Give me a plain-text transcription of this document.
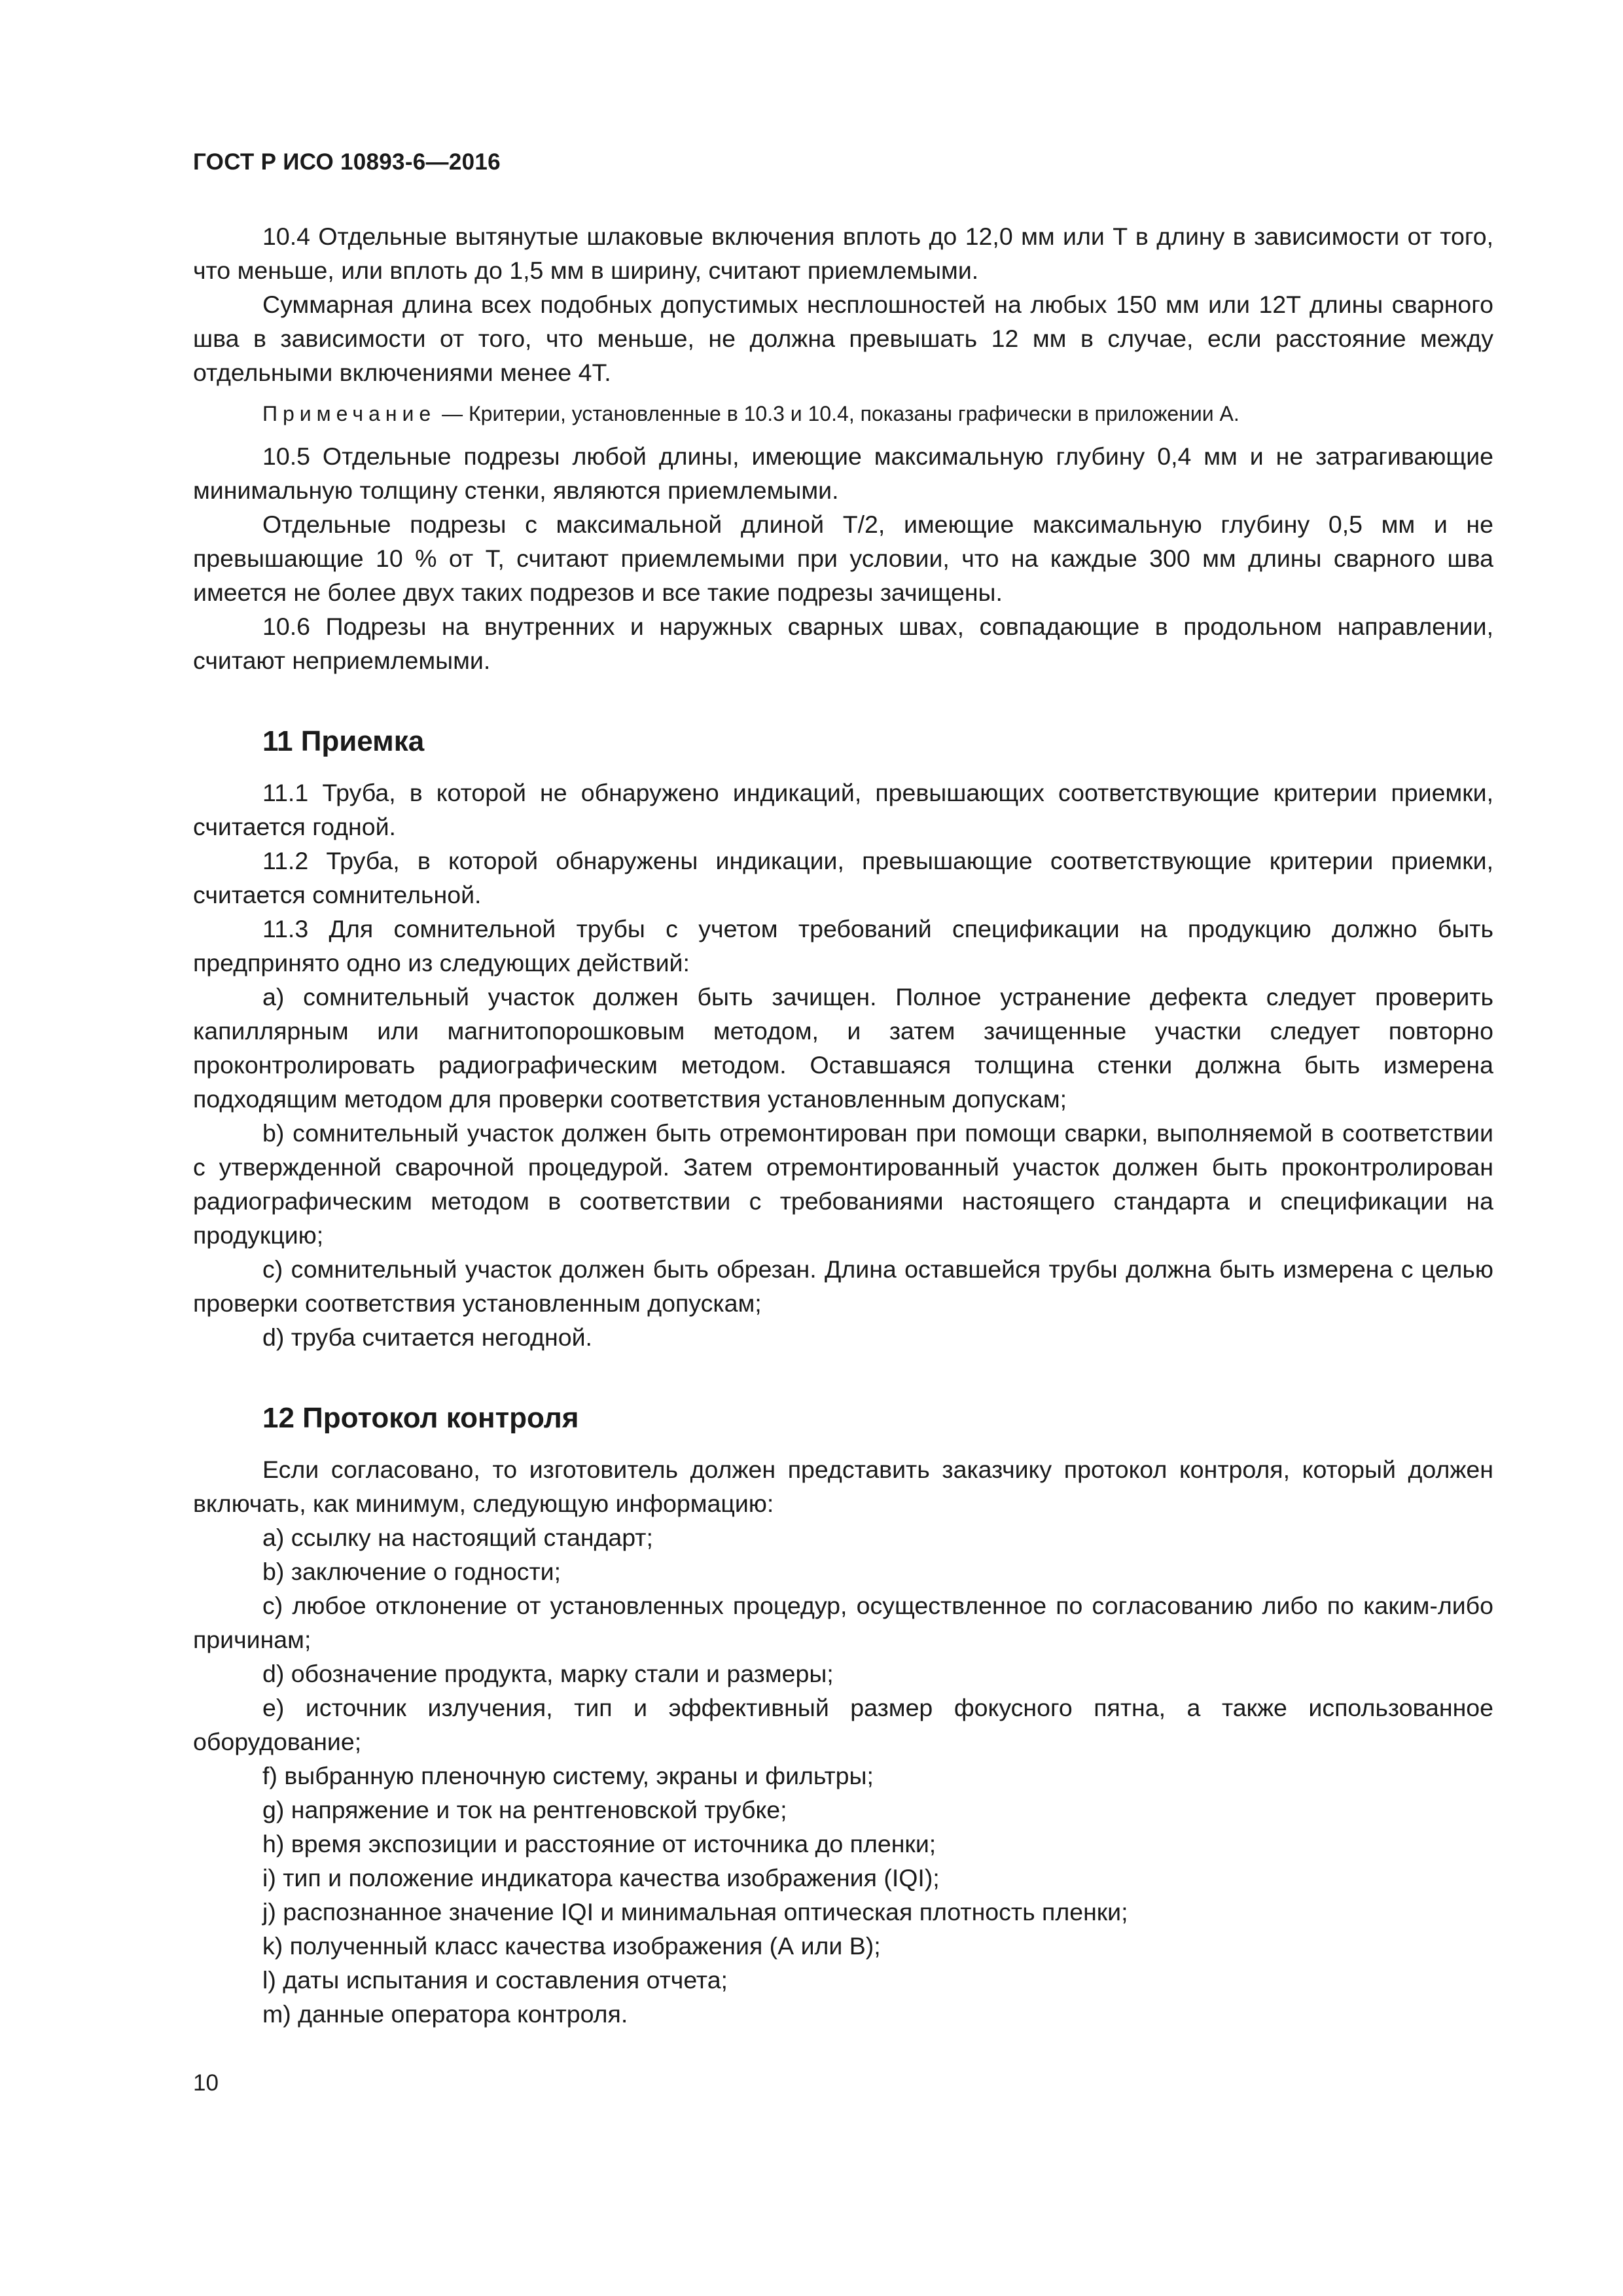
ГОСТ Р ИСО 10893-6—2016

10.4 Отдельные вытянутые шлаковые включения вплоть до 12,0 мм или T в длину в зависимости от того, что меньше, или вплоть до 1,5 мм в ширину, считают приемлемыми.

Суммарная длина всех подобных допустимых несплошностей на любых 150 мм или 12T длины сварного шва в зависимости от того, что меньше, не должна превышать 12 мм в случае, если расстояние между отдельными включениями менее 4T.

Примечание — Критерии, установленные в 10.3 и 10.4, показаны графически в приложении А.

10.5 Отдельные подрезы любой длины, имеющие максимальную глубину 0,4 мм и не затрагивающие минимальную толщину стенки, являются приемлемыми.

Отдельные подрезы с максимальной длиной T/2, имеющие максимальную глубину 0,5 мм и не превышающие 10 % от T, считают приемлемыми при условии, что на каждые 300 мм длины сварного шва имеется не более двух таких подрезов и все такие подрезы зачищены.

10.6 Подрезы на внутренних и наружных сварных швах, совпадающие в продольном направлении, считают неприемлемыми.

11 Приемка

11.1 Труба, в которой не обнаружено индикаций, превышающих соответствующие критерии приемки, считается годной.

11.2 Труба, в которой обнаружены индикации, превышающие соответствующие критерии приемки, считается сомнительной.

11.3 Для сомнительной трубы с учетом требований спецификации на продукцию должно быть предпринято одно из следующих действий:

а) сомнительный участок должен быть зачищен. Полное устранение дефекта следует проверить капиллярным или магнитопорошковым методом, и затем зачищенные участки следует повторно проконтролировать радиографическим методом. Оставшаяся толщина стенки должна быть измерена подходящим методом для проверки соответствия установленным допускам;

b) сомнительный участок должен быть отремонтирован при помощи сварки, выполняемой в соответствии с утвержденной сварочной процедурой. Затем отремонтированный участок должен быть проконтролирован радиографическим методом в соответствии с требованиями настоящего стандарта и спецификации на продукцию;

с) сомнительный участок должен быть обрезан. Длина оставшейся трубы должна быть измерена с целью проверки соответствия установленным допускам;

d) труба считается негодной.

12 Протокол контроля

Если согласовано, то изготовитель должен представить заказчику протокол контроля, который должен включать, как минимум, следующую информацию:

а) ссылку на настоящий стандарт;

b) заключение о годности;

с) любое отклонение от установленных процедур, осуществленное по согласованию либо по каким-либо причинам;

d) обозначение продукта, марку стали и размеры;

е) источник излучения, тип и эффективный размер фокусного пятна, а также использованное оборудование;

f) выбранную пленочную систему, экраны и фильтры;

g) напряжение и ток на рентгеновской трубке;

h) время экспозиции и расстояние от источника до пленки;

i) тип и положение индикатора качества изображения (IQI);

j) распознанное значение IQI и минимальная оптическая плотность пленки;

k) полученный класс качества изображения (А или В);

l) даты испытания и составления отчета;

m) данные оператора контроля.

10
